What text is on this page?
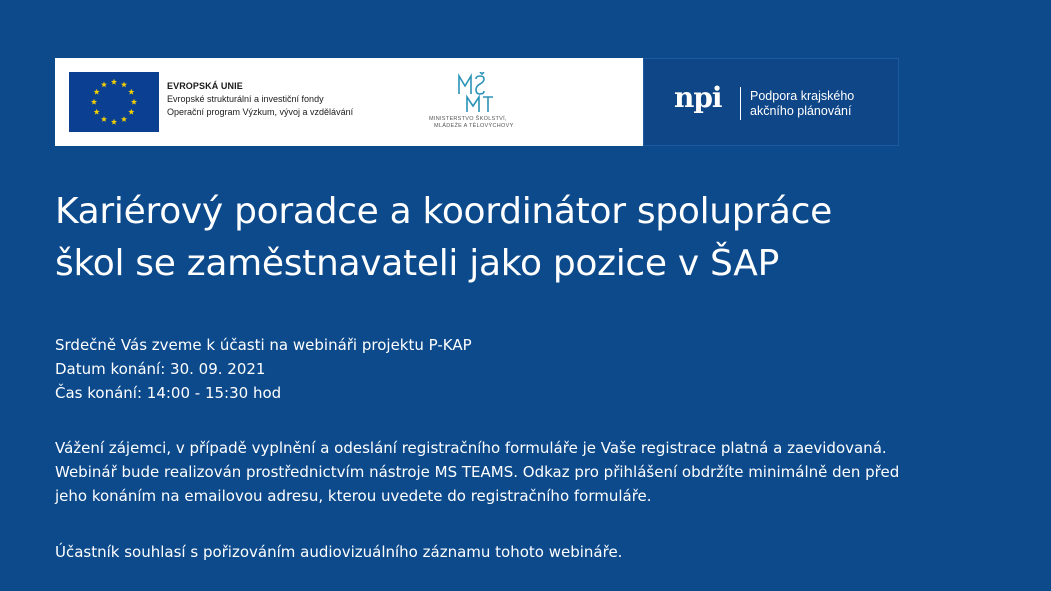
EVROPSKÁ UNIE
Evropské strukturální a investiční fondy
Operační program Výzkum, vývoj a vzdělávání
MINISTERSTVO ŠKOLSTVÍ,
MLÁDEŽE A TĚLOVÝCHOVY
npi Podpora krajského
akčního plánování
Kariérový poradce a koordinátor spolupráce
škol se zaměstnavateli jako pozice v ŠAP
Srdečně Vás zveme k účasti na webináři projektu P-KAP
Datum konání: 30. 09. 2021
Čas konání: 14:00 - 15:30 hod
Vážení zájemci, v případě vyplnění a odeslání registračního formuláře je Vaše registrace platná a zaevidovaná.
Webinář bude realizován prostřednictvím nástroje MS TEAMS. Odkaz pro přihlášení obdržíte minimálně den před
jeho konáním na emailovou adresu, kterou uvedete do registračního formuláře.
Účastník souhlasí s pořizováním audiovizuálního záznamu tohoto webináře.
